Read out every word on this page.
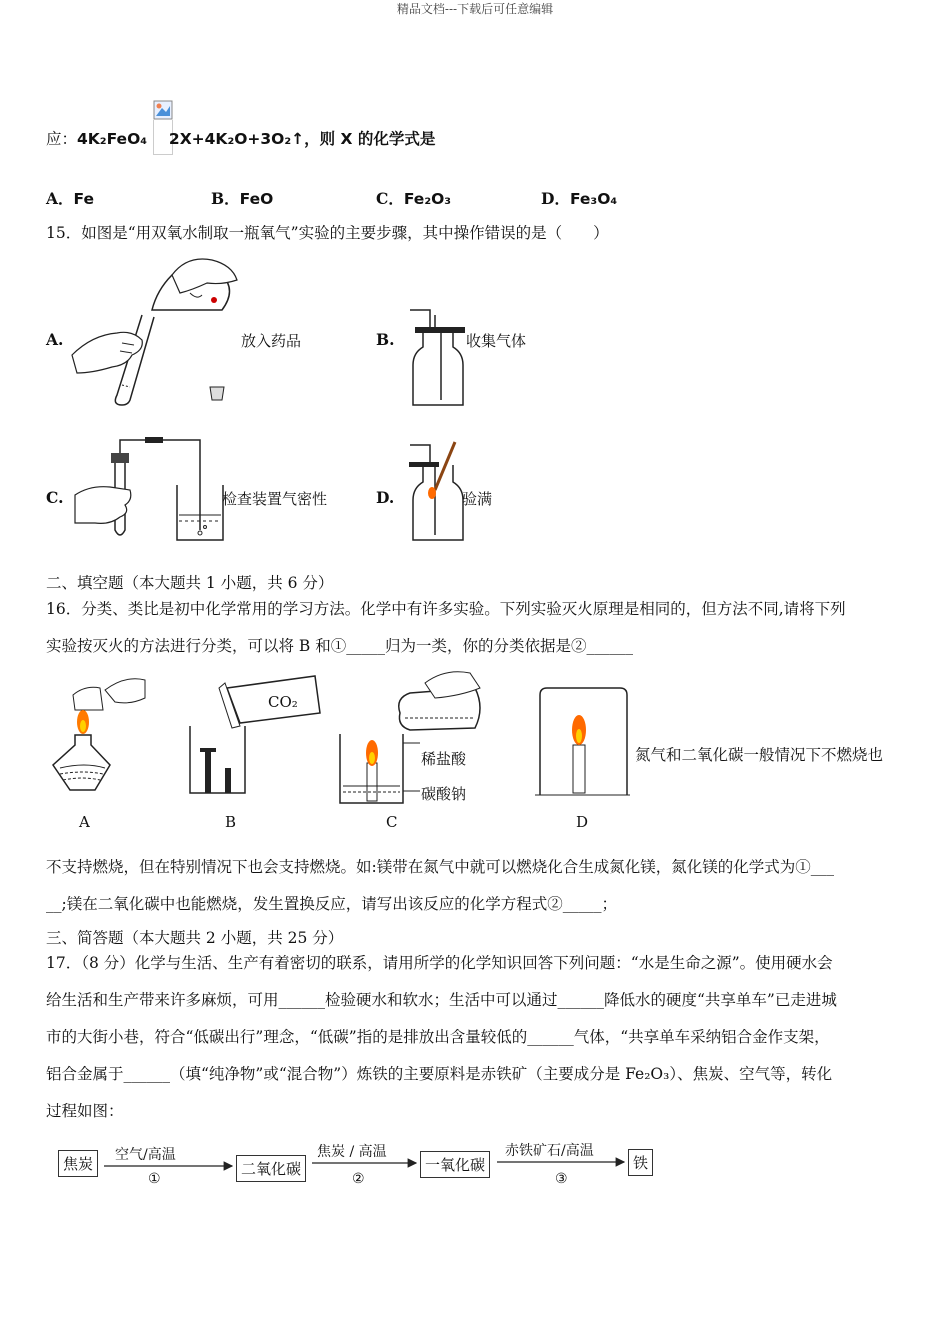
精品文档---下载后可任意编辑
应：4K₂FeO₄ 2X+4K₂O+3O₂↑，则 X 的化学式是
A．Fe	B．FeO	C．Fe₂O₃	D．Fe₃O₄
15．如图是“用双氧水制取一瓶氧气”实验的主要步骤，其中操作错误的是（　　）
A.	放入药品	B.	收集气体
C.	检查装置气密性	D.	验满
二、填空题（本大题共 1 小题，共 6 分）
16．分类、类比是初中化学常用的学习方法。化学中有许多实验。下列实验灭火原理是相同的，但方法不同,请将下列
实验按灭火的方法进行分类，可以将 B 和①_____归为一类，你的分类依据是②______
A
CO₂
B
稀盐酸
碳酸钠
C	D
氮气和二氧化碳一般情况下不燃烧也
不支持燃烧，但在特别情况下也会支持燃烧。如:镁带在氮气中就可以燃烧化合生成氮化镁，氮化镁的化学式为①___
__;镁在二氧化碳中也能燃烧，发生置换反应，请写出该反应的化学方程式②_____；
三、简答题（本大题共 2 小题，共 25 分）
17．（8 分）化学与生活、生产有着密切的联系，请用所学的化学知识回答下列问题：“水是生命之源”。使用硬水会
给生活和生产带来许多麻烦，可用______检验硬水和软水；生活中可以通过______降低水的硬度“共享单车”已走进城
市的大街小巷，符合“低碳出行”理念，“低碳”指的是排放出含量较低的______气体，“共享单车采纳铝合金作支架，
铝合金属于______（填“纯净物”或“混合物”）炼铁的主要原料是赤铁矿（主要成分是 Fe₂O₃）、焦炭、空气等，转化
过程如图：
焦炭	二氧化碳	一氧化碳	铁
空气/高温	焦炭 / 高温	赤铁矿石/高温
①	②	③
